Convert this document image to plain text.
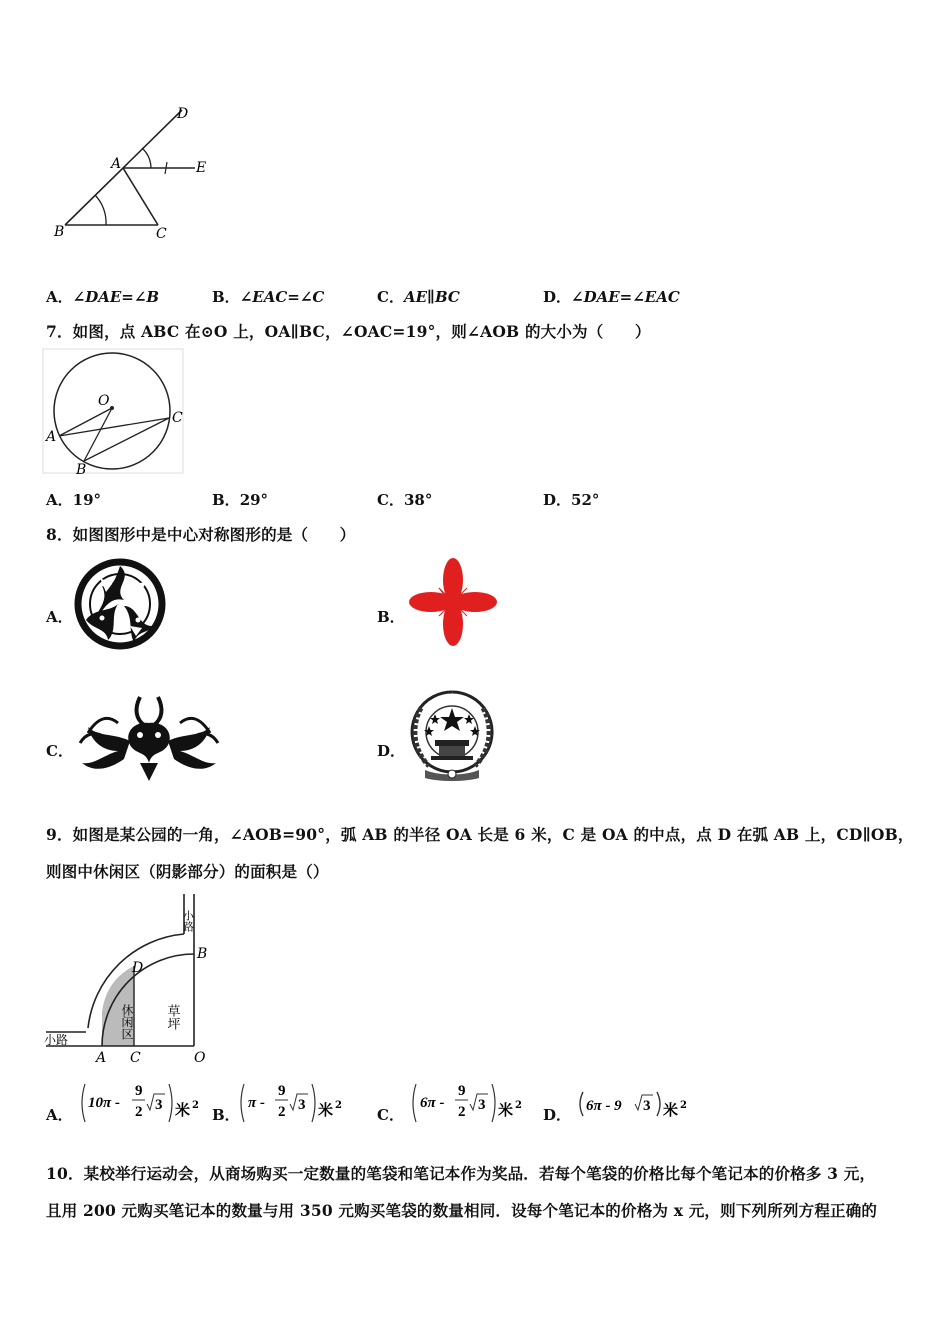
B	C
A
D
E
A．∠DAE=∠B	B．∠EAC=∠C	C．AE∥BC	D．∠DAE=∠EAC
7．如图，点 ABC 在⊙O 上，OA∥BC，∠OAC=19°，则∠AOB 的大小为（　　）
O
A
B
C
A．19°	B．29°	C．38°	D．52°
8．如图图形中是中心对称图形的是（　　）
A．	B．
C．	D．
9．如图是某公园的一角，∠AOB=90°，弧 AB 的半径 OA 长是 6 米，C 是 OA 的中点，点 D 在弧 AB 上，CD∥OB，
则图中休闲区（阴影部分）的面积是（）
小路
小路	休闲区 草坪
B
D
A C	O
A．
10π -
9
2 3 米 2 B．
π -
9
2 3 米 2 C．
6π -
9
2 3 米 2 D． 6π - 9 3 米 2
10．某校举行运动会，从商场购买一定数量的笔袋和笔记本作为奖品．若每个笔袋的价格比每个笔记本的价格多 3 元，
且用 200 元购买笔记本的数量与用 350 元购买笔袋的数量相同．设每个笔记本的价格为 x 元，则下列所列方程正确的
